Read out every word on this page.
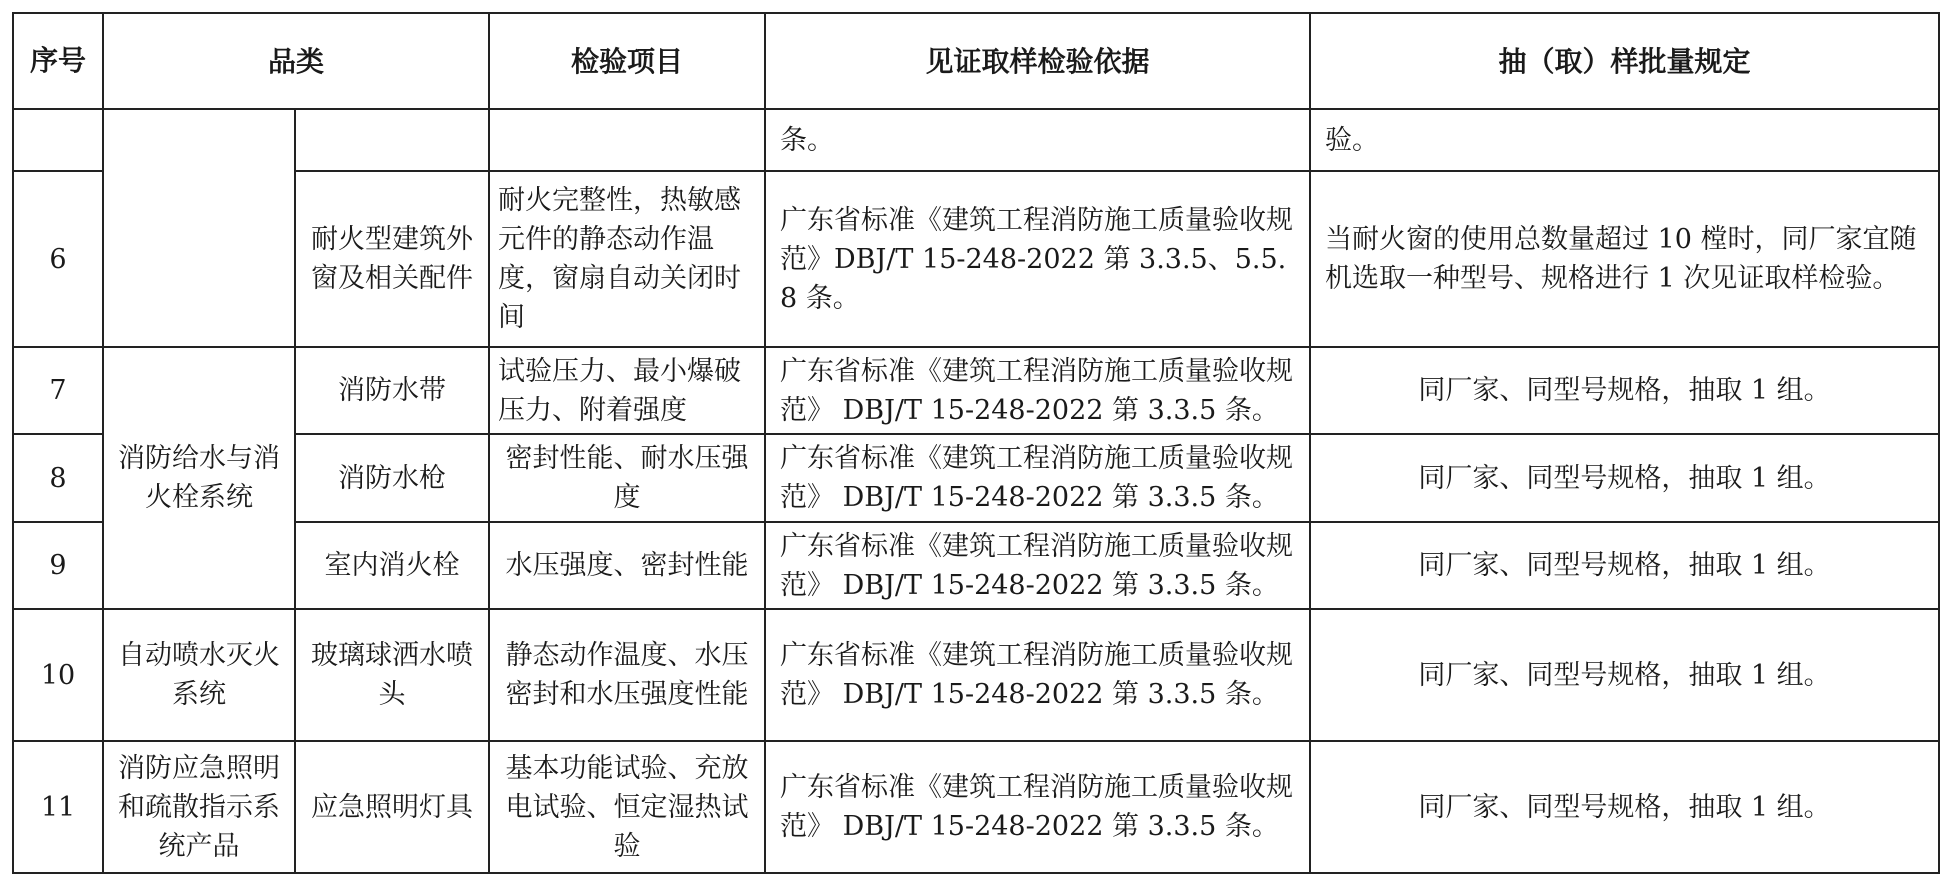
序号	品类		检验项目	见证取样检验依据	抽（取）样批量规定
				条。	验。
6		耐火型建筑外窗及相关配件	耐火完整性，热敏感元件的静态动作温度，窗扇自动关闭时间	广东省标准《建筑工程消防施工质量验收规范》DBJ/T 15-248-2022 第 3.3.5、5.5.8 条。	当耐火窗的使用总数量超过 10 樘时，同厂家宜随机选取一种型号、规格进行 1 次见证取样检验。
7	消防给水与消火栓系统	消防水带	试验压力、最小爆破压力、附着强度	广东省标准《建筑工程消防施工质量验收规范》 DBJ/T 15-248-2022 第 3.3.5 条。	同厂家、同型号规格，抽取 1 组。
8		消防水枪	密封性能、耐水压强度	广东省标准《建筑工程消防施工质量验收规范》 DBJ/T 15-248-2022 第 3.3.5 条。	同厂家、同型号规格，抽取 1 组。
9		室内消火栓	水压强度、密封性能	广东省标准《建筑工程消防施工质量验收规范》 DBJ/T 15-248-2022 第 3.3.5 条。	同厂家、同型号规格，抽取 1 组。
10	自动喷水灭火系统	玻璃球洒水喷头	静态动作温度、水压密封和水压强度性能	广东省标准《建筑工程消防施工质量验收规范》 DBJ/T 15-248-2022 第 3.3.5 条。	同厂家、同型号规格，抽取 1 组。
11	消防应急照明和疏散指示系统产品	应急照明灯具	基本功能试验、充放电试验、恒定湿热试验	广东省标准《建筑工程消防施工质量验收规范》 DBJ/T 15-248-2022 第 3.3.5 条。	同厂家、同型号规格，抽取 1 组。
